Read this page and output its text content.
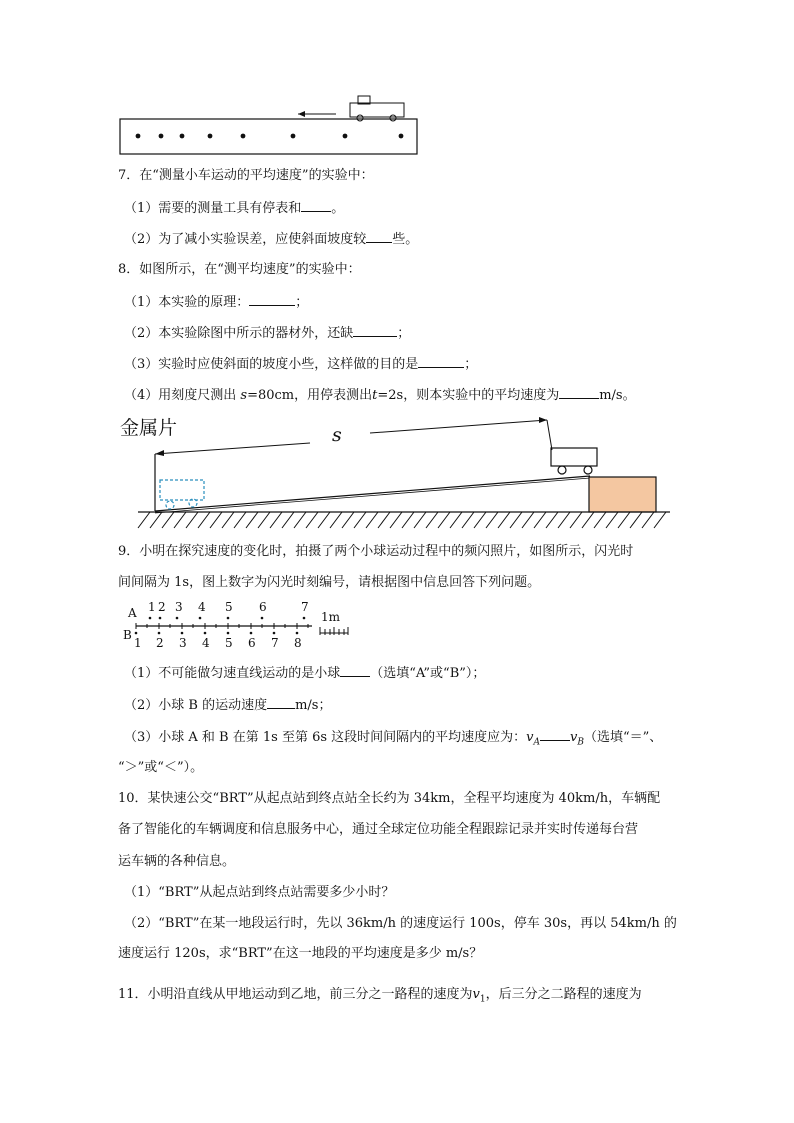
7．在“测量小车运动的平均速度”的实验中：
（1）需要的测量工具有停表和 。
（2）为了减小实验误差，应使斜面坡度较 些。
8．如图所示，在“测平均速度”的实验中：
（1）本实验的原理：	；
（2）本实验除图中所示的器材外，还缺	；
（3）实验时应使斜面的坡度小些，这样做的目的是	；
（4）用刻度尺测出 s=80cm，用停表测出t=2s，则本实验中的平均速度为	m/s。
金属片	s
9．小明在探究速度的变化时，拍摄了两个小球运动过程中的频闪照片，如图所示，闪光时
间间隔为 1s，图上数字为闪光时刻编号，请根据图中信息回答下列问题。
A
B
1 2 3 4 5 6	7
1m
1 2 3 4 5 6 7 8
（1）不可能做匀速直线运动的是小球 （选填“A”或“B”）；
（2）小球 B 的运动速度 m/s；
（3）小球 A 和 B 在第 1s 至第 6s 这段时间间隔内的平均速度应为：$v_A$ $v_B$（选填“＝”、
“＞”或“＜”）。
10．某快速公交“BRT”从起点站到终点站全长约为 34km，全程平均速度为 40km/h，车辆配
备了智能化的车辆调度和信息服务中心，通过全球定位功能全程跟踪记录并实时传递每台营
运车辆的各种信息。
（1）“BRT”从起点站到终点站需要多少小时？
（2）“BRT”在某一地段运行时，先以 36km/h 的速度运行 100s，停车 30s，再以 54km/h 的
速度运行 120s，求“BRT”在这一地段的平均速度是多少 m/s？
11．小明沿直线从甲地运动到乙地，前三分之一路程的速度为$v_1$，后三分之二路程的速度为
